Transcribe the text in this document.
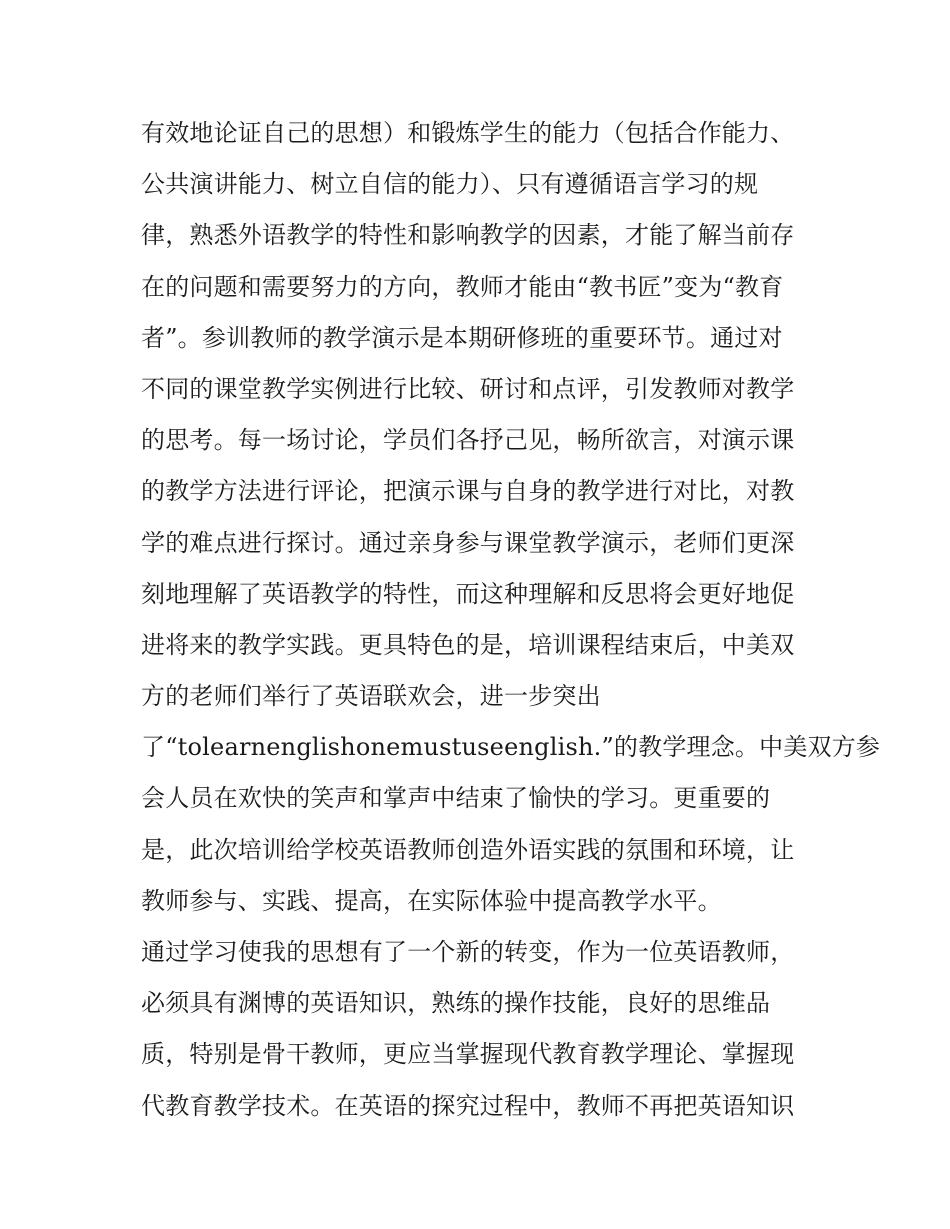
有效地论证自己的思想）和锻炼学生的能力（包括合作能力、
公共演讲能力、树立自信的能力）、只有遵循语言学习的规
律，熟悉外语教学的特性和影响教学的因素，才能了解当前存
在的问题和需要努力的方向，教师才能由“教书匠”变为“教育
者”。参训教师的教学演示是本期研修班的重要环节。通过对
不同的课堂教学实例进行比较、研讨和点评，引发教师对教学
的思考。每一场讨论，学员们各抒己见，畅所欲言，对演示课
的教学方法进行评论，把演示课与自身的教学进行对比，对教
学的难点进行探讨。通过亲身参与课堂教学演示，老师们更深
刻地理解了英语教学的特性，而这种理解和反思将会更好地促
进将来的教学实践。更具特色的是，培训课程结束后，中美双
方的老师们举行了英语联欢会，进一步突出
了“tolearnenglishonemustuseenglish.”的教学理念。中美双方参
会人员在欢快的笑声和掌声中结束了愉快的学习。更重要的
是，此次培训给学校英语教师创造外语实践的氛围和环境，让
教师参与、实践、提高，在实际体验中提高教学水平。
通过学习使我的思想有了一个新的转变，作为一位英语教师，
必须具有渊博的英语知识，熟练的操作技能，良好的思维品
质，特别是骨干教师，更应当掌握现代教育教学理论、掌握现
代教育教学技术。在英语的探究过程中，教师不再把英语知识
